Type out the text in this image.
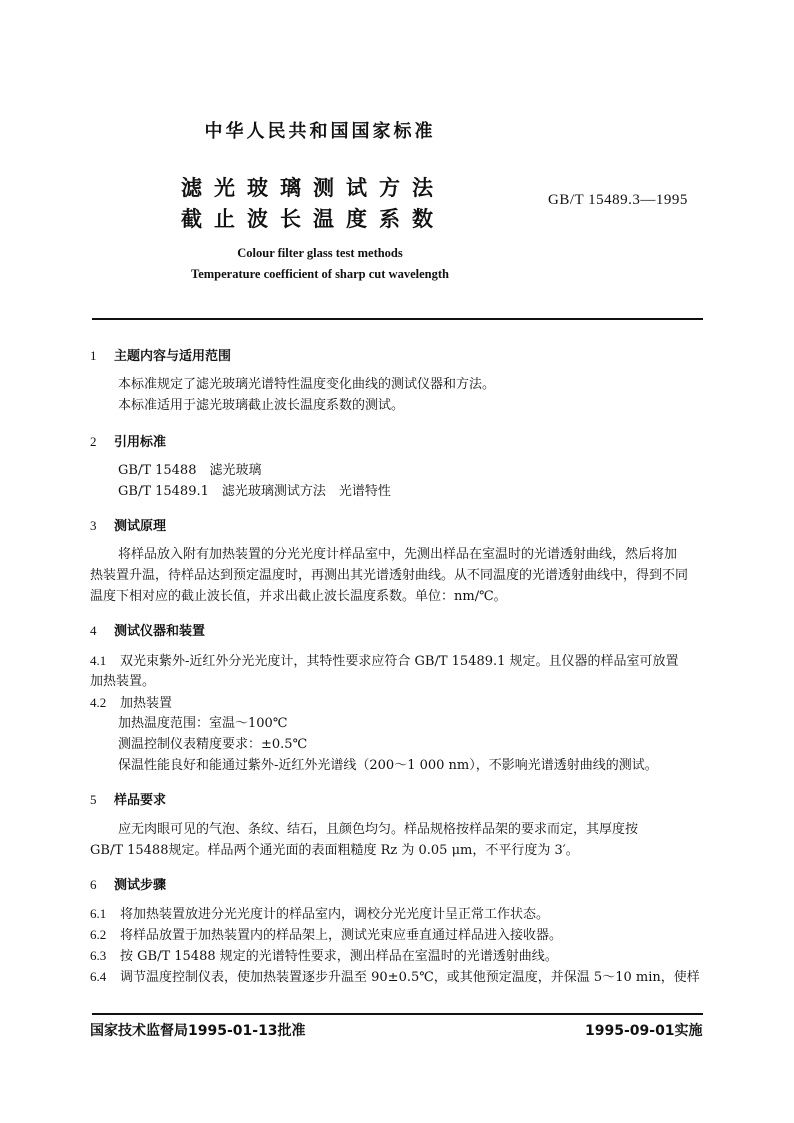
中华人民共和国国家标准
滤光玻璃测试方法
截止波长温度系数
GB/T 15489.3—1995
Colour filter glass test methods
Temperature coefficient of sharp cut wavelength
1 主题内容与适用范围
本标准规定了滤光玻璃光谱特性温度变化曲线的测试仪器和方法。
本标准适用于滤光玻璃截止波长温度系数的测试。
2 引用标准
GB/T 15488　滤光玻璃
GB/T 15489.1　滤光玻璃测试方法　光谱特性
3 测试原理
将样品放入附有加热装置的分光光度计样品室中，先测出样品在室温时的光谱透射曲线，然后将加
热装置升温，待样品达到预定温度时，再测出其光谱透射曲线。从不同温度的光谱透射曲线中，得到不同
温度下相对应的截止波长值，并求出截止波长温度系数。单位：nm/℃。
4 测试仪器和装置
4.1 双光束紫外-近红外分光光度计，其特性要求应符合 GB/T 15489.1 规定。且仪器的样品室可放置
加热装置。
4.2 加热装置
加热温度范围：室温～100℃
测温控制仪表精度要求：±0.5℃
保温性能良好和能通过紫外-近红外光谱线（200～1 000 nm），不影响光谱透射曲线的测试。
5 样品要求
应无肉眼可见的气泡、条纹、结石，且颜色均匀。样品规格按样品架的要求而定，其厚度按
GB/T 15488规定。样品两个通光面的表面粗糙度 Rz 为 0.05 μm，不平行度为 3′。
6 测试步骤
6.1 将加热装置放进分光光度计的样品室内，调校分光光度计呈正常工作状态。
6.2 将样品放置于加热装置内的样品架上，测试光束应垂直通过样品进入接收器。
6.3 按 GB/T 15488 规定的光谱特性要求，测出样品在室温时的光谱透射曲线。
6.4 调节温度控制仪表，使加热装置逐步升温至 90±0.5℃，或其他预定温度，并保温 5～10 min，使样
国家技术监督局1995-01-13批准	1995-09-01实施
